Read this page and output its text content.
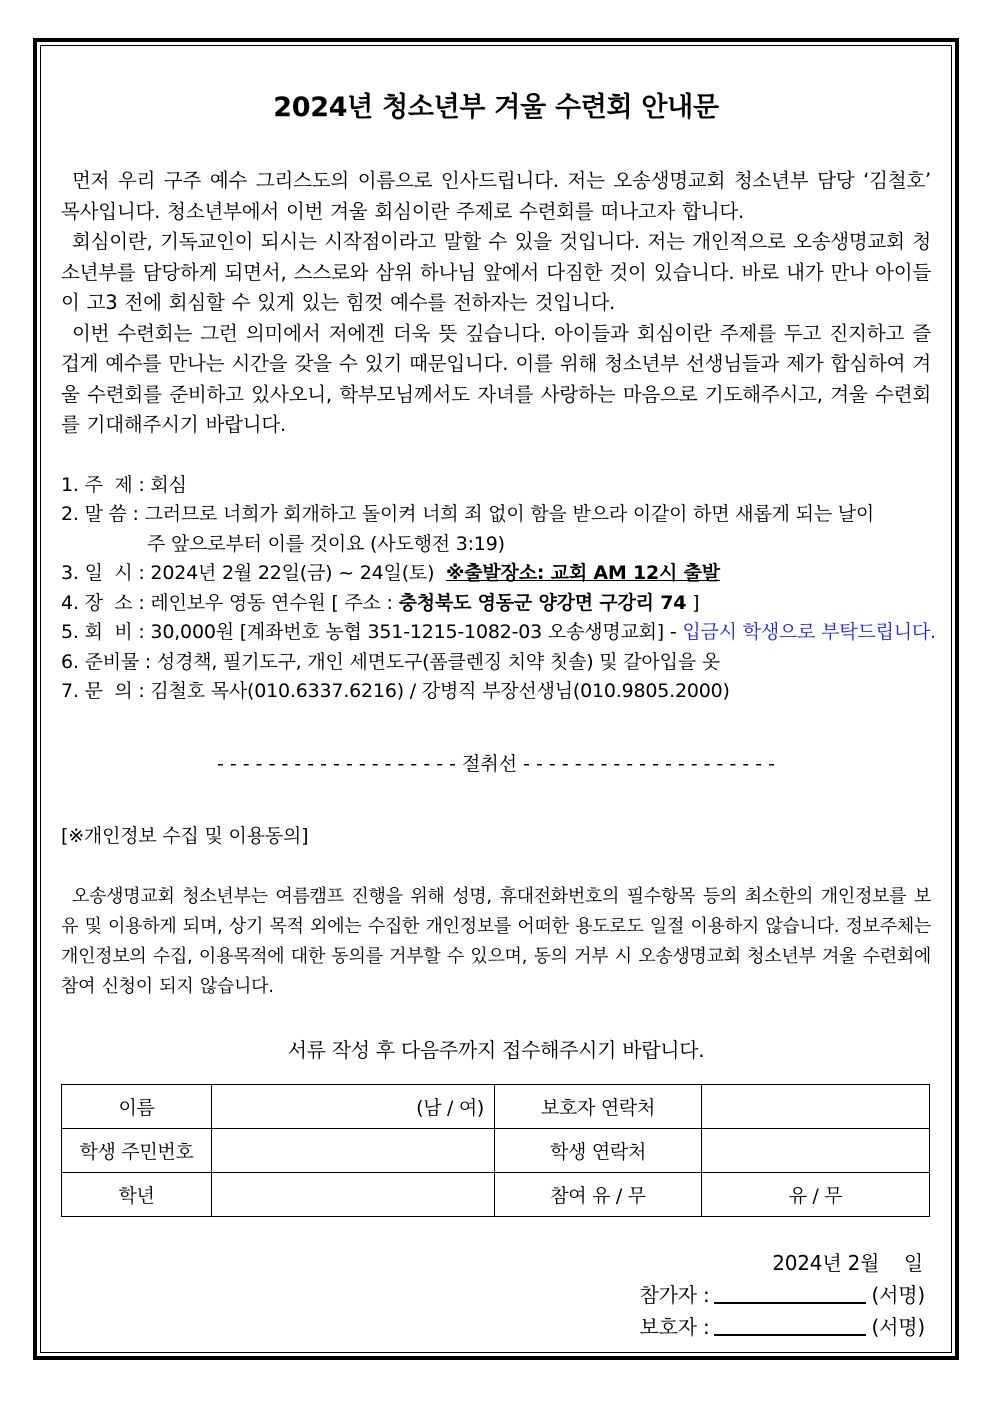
2024년 청소년부 겨울 수련회 안내문

먼저 우리 구주 예수 그리스도의 이름으로 인사드립니다. 저는 오송생명교회 청소년부 담당 ‘김철호’ 목사입니다. 청소년부에서 이번 겨울 회심이란 주제로 수련회를 떠나고자 합니다.

회심이란, 기독교인이 되시는 시작점이라고 말할 수 있을 것입니다. 저는 개인적으로 오송생명교회 청소년부를 담당하게 되면서, 스스로와 삼위 하나님 앞에서 다짐한 것이 있습니다. 바로 내가 만나 아이들이 고3 전에 회심할 수 있게 있는 힘껏 예수를 전하자는 것입니다.

이번 수련회는 그런 의미에서 저에겐 더욱 뜻 깊습니다. 아이들과 회심이란 주제를 두고 진지하고 즐겁게 예수를 만나는 시간을 갖을 수 있기 때문입니다. 이를 위해 청소년부 선생님들과 제가 합심하여 겨울 수련회를 준비하고 있사오니, 학부모님께서도 자녀를 사랑하는 마음으로 기도해주시고, 겨울 수련회를 기대해주시기 바랍니다.

1. 주  제 : 회심
2. 말 씀 : 그러므로 너희가 회개하고 돌이켜 너희 죄 없이 함을 받으라 이같이 하면 새롭게 되는 날이
주 앞으로부터 이를 것이요 (사도행전 3:19)
3. 일  시 : 2024년 2월 22일(금) ~ 24일(토)  ※출발장소: 교회 AM 12시 출발
4. 장  소 : 레인보우 영동 연수원 [ 주소 : 충청북도 영동군 양강면 구강리 74 ]
5. 회  비 : 30,000원 [계좌번호 농협 351-1215-1082-03 오송생명교회] - 입금시 학생으로 부탁드립니다.
6. 준비물 : 성경책, 필기도구, 개인 세면도구(폼클렌징 치약 칫솔) 및 갈아입을 옷
7. 문  의 : 김철호 목사(010.6337.6216) / 강병직 부장선생님(010.9805.2000)
- - - - - - - - - - - - - - - - - - - 절취선 - - - - - - - - - - - - - - - - - - - -
[※개인정보 수집 및 이용동의]

오송생명교회 청소년부는 여름캠프 진행을 위해 성명, 휴대전화번호의 필수항목 등의 최소한의 개인정보를 보유 및 이용하게 되며, 상기 목적 외에는 수집한 개인정보를 어떠한 용도로도 일절 이용하지 않습니다. 정보주체는 개인정보의 수집, 이용목적에 대한 동의를 거부할 수 있으며, 동의 거부 시 오송생명교회 청소년부 겨울 수련회에 참여 신청이 되지 않습니다.

서류 작성 후 다음주까지 접수해주시기 바랍니다.
이름	(남 / 여)	보호자 연락처	
학생 주민번호		학생 연락처	
학년		참여 유 / 무	유 / 무
2024년 2월    일
참가자 :	(서명)
보호자 :	(서명)
